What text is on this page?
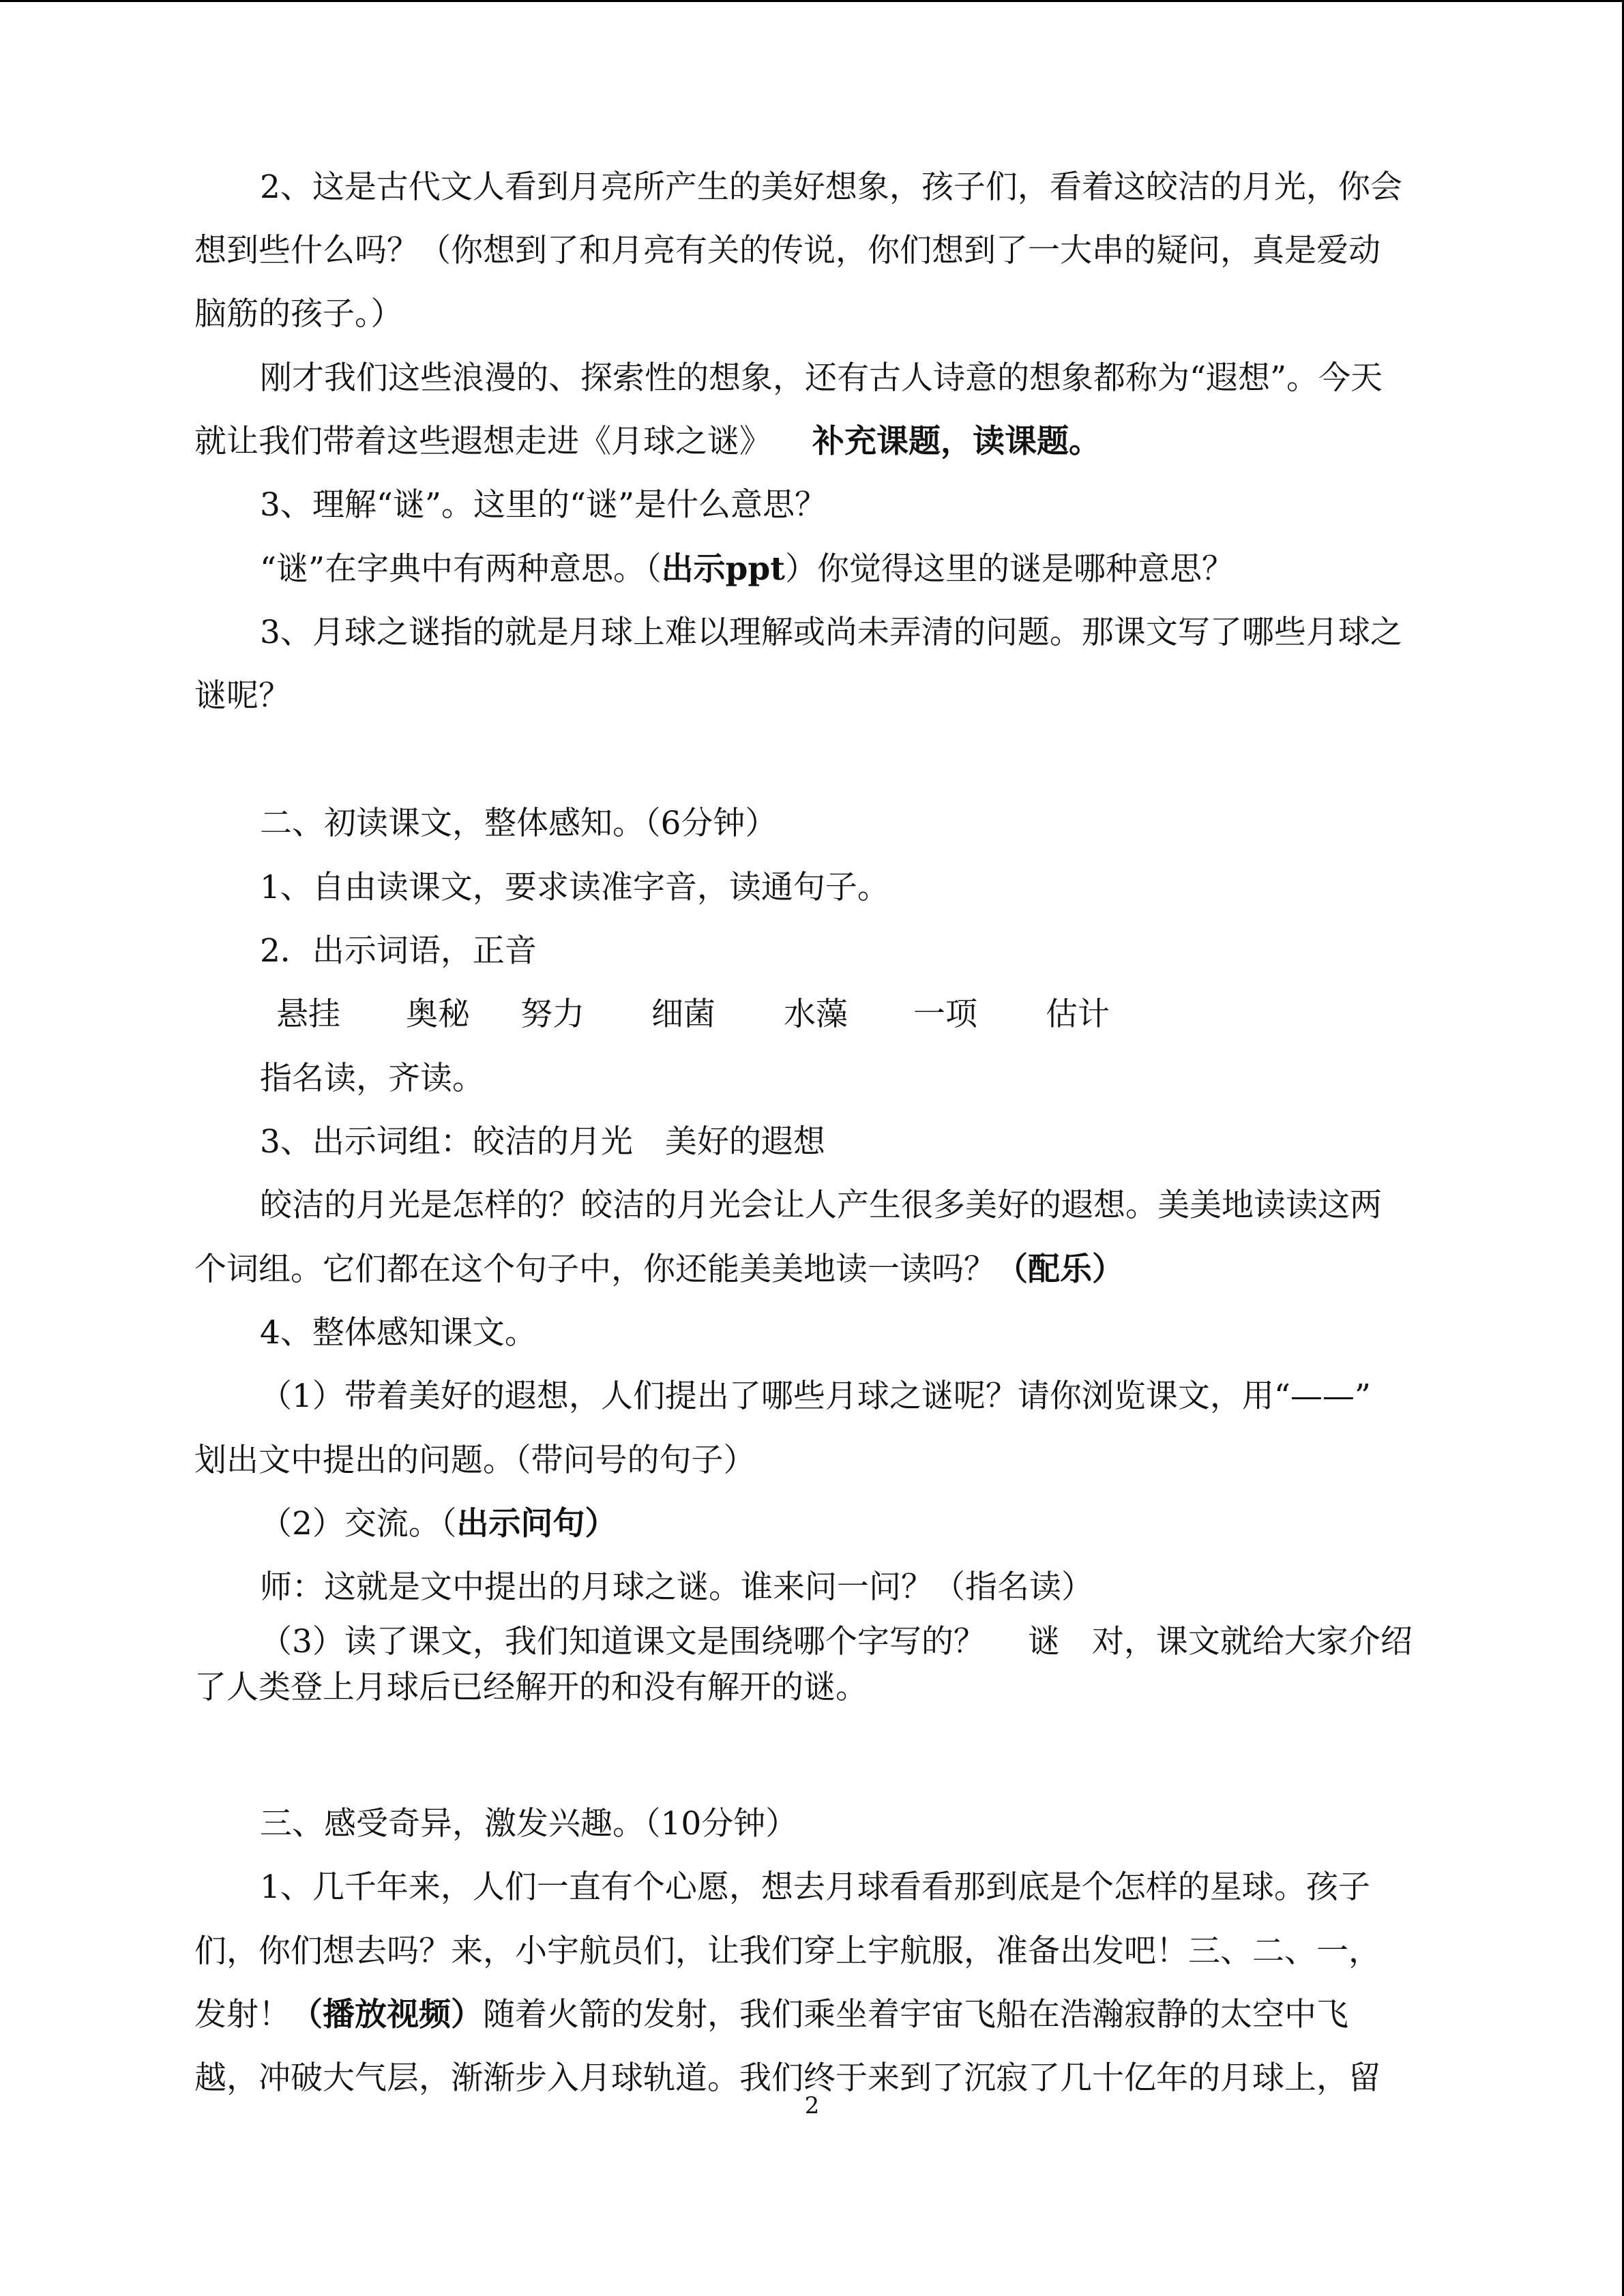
2、这是古代文人看到月亮所产生的美好想象，孩子们，看着这皎洁的月光，你会
想到些什么吗？（你想到了和月亮有关的传说，你们想到了一大串的疑问，真是爱动
脑筋的孩子。）
刚才我们这些浪漫的、探索性的想象，还有古人诗意的想象都称为“遐想”。今天
就让我们带着这些遐想走进《月球之谜》 补充课题，读课题。
3、理解“谜”。这里的“谜”是什么意思？
“谜”在字典中有两种意思。（出示ppt）你觉得这里的谜是哪种意思？
3、月球之谜指的就是月球上难以理解或尚未弄清的问题。那课文写了哪些月球之
谜呢？
二、初读课文，整体感知。（6分钟）
1、自由读课文，要求读准字音，读通句子。
2．出示词语，正音
悬挂 奥秘 努力 细菌 水藻 一项 估计
指名读，齐读。
3、出示词组：皎洁的月光　美好的遐想
皎洁的月光是怎样的？皎洁的月光会让人产生很多美好的遐想。美美地读读这两
个词组。它们都在这个句子中，你还能美美地读一读吗？（配乐）
4、整体感知课文。
（1）带着美好的遐想，人们提出了哪些月球之谜呢？请你浏览课文，用“——”
划出文中提出的问题。（带问号的句子）
（2）交流。（出示问句）
师：这就是文中提出的月球之谜。谁来问一问？（指名读）
（3）读了课文，我们知道课文是围绕哪个字写的？　 谜　对，课文就给大家介绍
了人类登上月球后已经解开的和没有解开的谜。
三、感受奇异，激发兴趣。（10分钟）
1、几千年来，人们一直有个心愿，想去月球看看那到底是个怎样的星球。孩子
们，你们想去吗？来，小宇航员们，让我们穿上宇航服，准备出发吧！三、二、一，
发射！（播放视频）随着火箭的发射，我们乘坐着宇宙飞船在浩瀚寂静的太空中飞
越，冲破大气层，渐渐步入月球轨道。我们终于来到了沉寂了几十亿年的月球上，留
2
